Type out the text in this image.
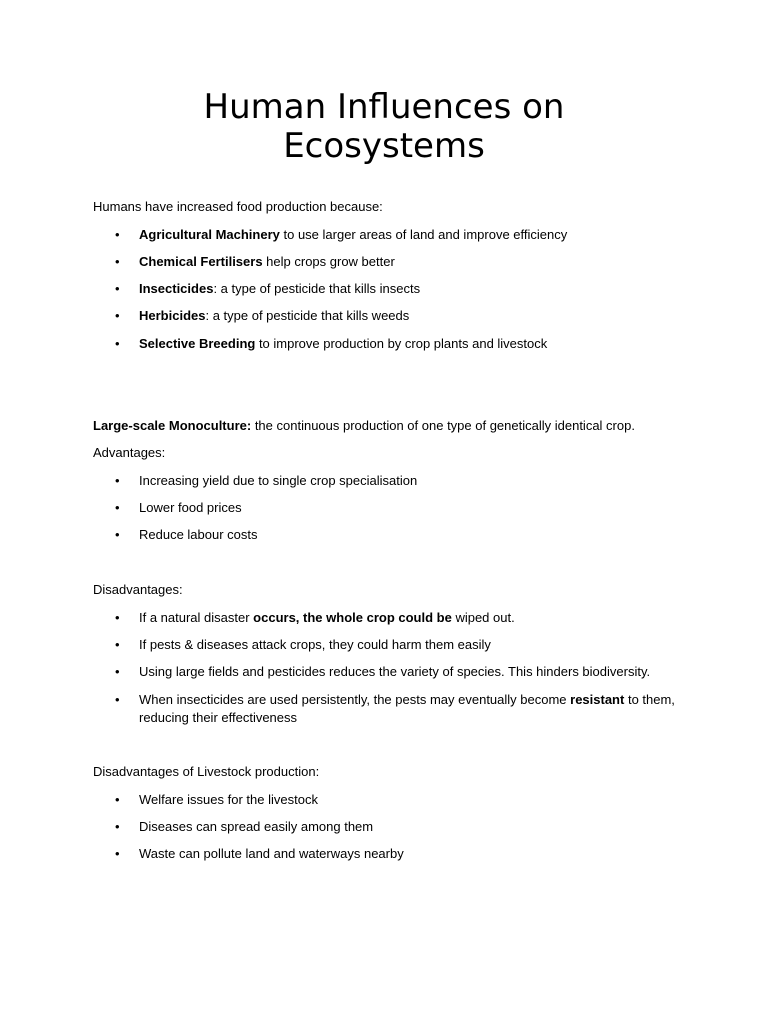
Human Influences on
Ecosystems
Humans have increased food production because:
• Agricultural Machinery to use larger areas of land and improve efficiency
• Chemical Fertilisers help crops grow better
• Insecticides: a type of pesticide that kills insects
• Herbicides: a type of pesticide that kills weeds
• Selective Breeding to improve production by crop plants and livestock
Large-scale Monoculture: the continuous production of one type of genetically identical crop.
Advantages:
• Increasing yield due to single crop specialisation
• Lower food prices
• Reduce labour costs
Disadvantages:
• If a natural disaster occurs, the whole crop could be wiped out.
• If pests & diseases attack crops, they could harm them easily
• Using large fields and pesticides reduces the variety of species. This hinders biodiversity.
• When insecticides are used persistently, the pests may eventually become resistant to them, reducing their effectiveness
Disadvantages of Livestock production:
• Welfare issues for the livestock
• Diseases can spread easily among them
• Waste can pollute land and waterways nearby
